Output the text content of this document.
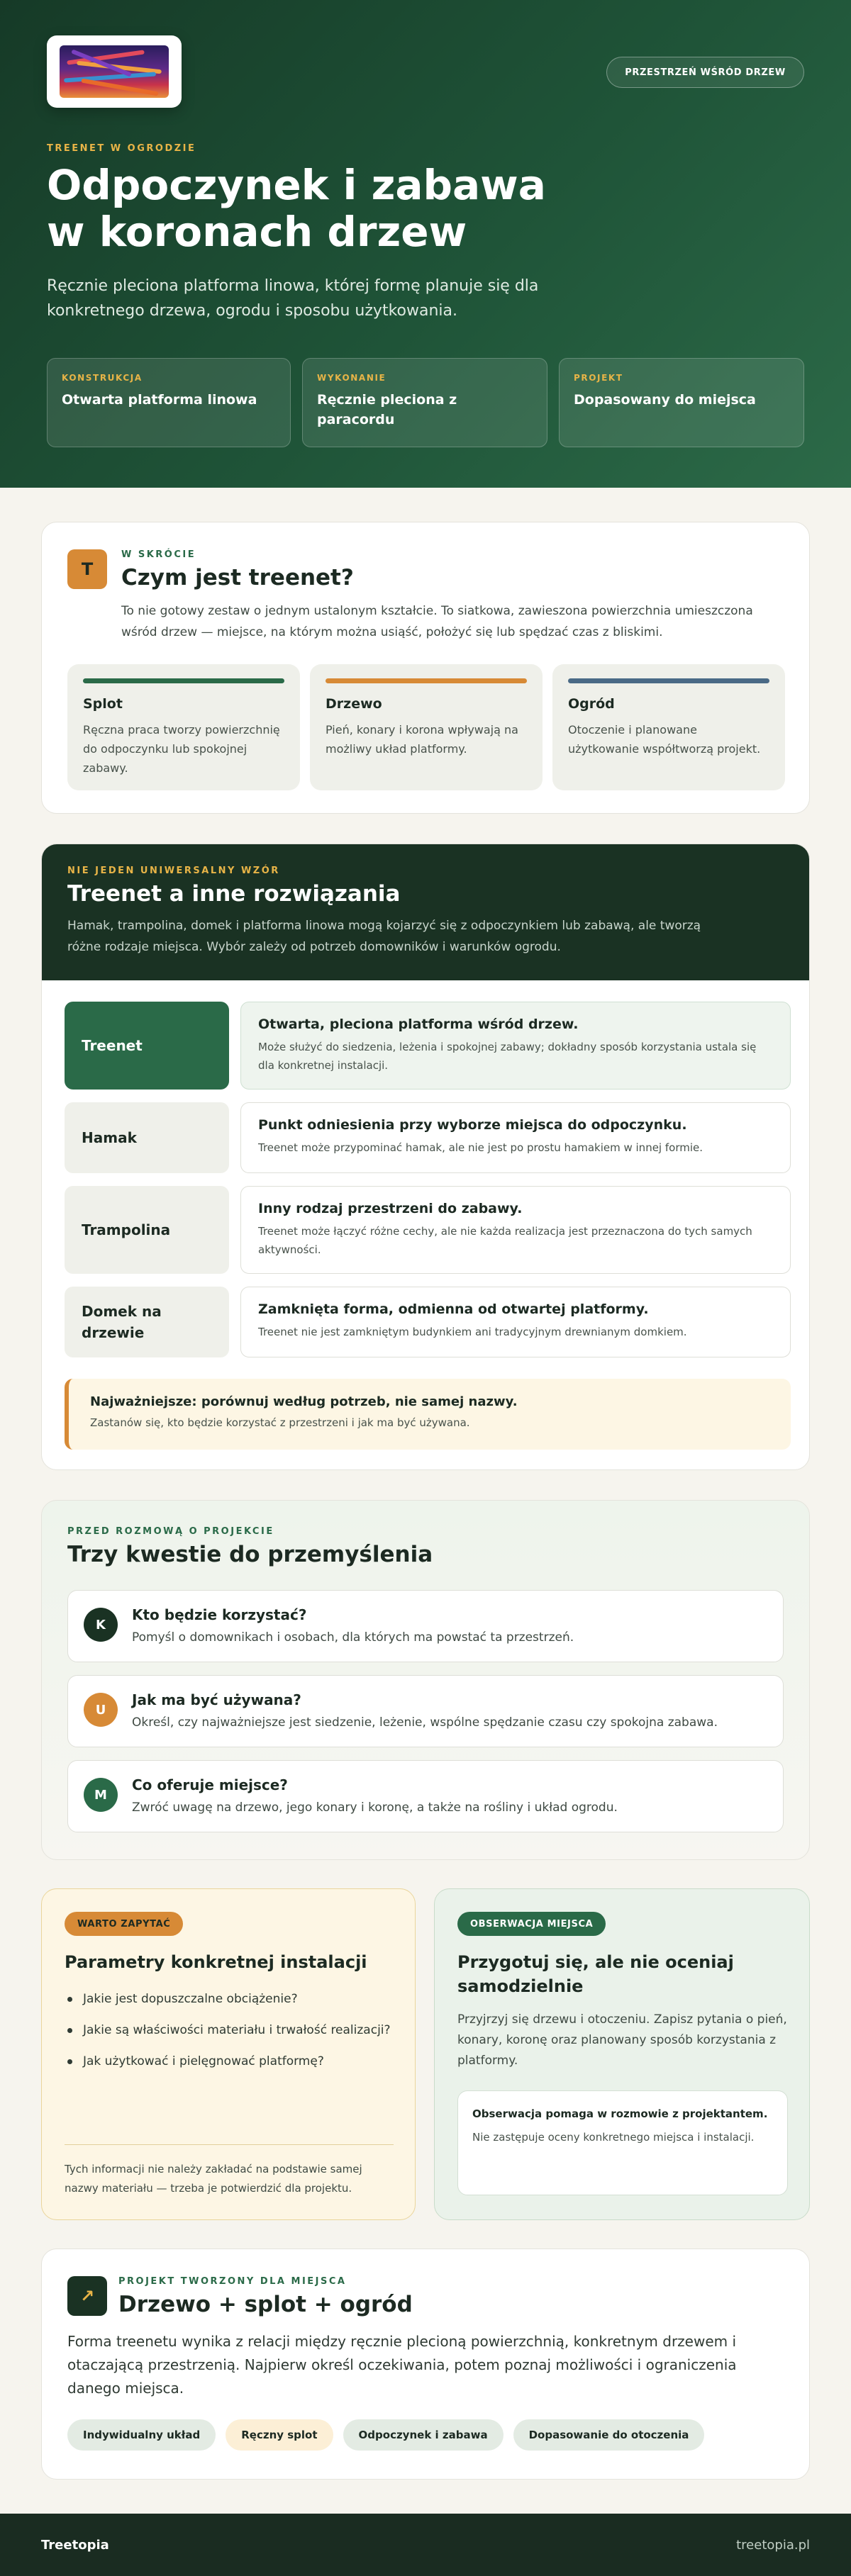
PRZESTRZEŃ WŚRÓD DRZEW
TREENET W OGRODZIE
Odpoczynek i zabawa
w koronach drzew

Ręcznie pleciona platforma linowa, której formę planuje się dla konkretnego drzewa, ogrodu i sposobu użytkowania.

KONSTRUKCJA
Otwarta platforma linowa
WYKONANIE
Ręcznie pleciona z paracordu
PROJEKT
Dopasowany do miejsca
T
W SKRÓCIE
Czym jest treenet?

To nie gotowy zestaw o jednym ustalonym kształcie. To siatkowa, zawieszona powierzchnia umieszczona wśród drzew — miejsce, na którym można usiąść, położyć się lub spędzać czas z bliskimi.

Splot
Ręczna praca tworzy powierzchnię do odpoczynku lub spokojnej zabawy.
Drzewo
Pień, konary i korona wpływają na możliwy układ platformy.
Ogród
Otoczenie i planowane użytkowanie współtworzą projekt.
NIE JEDEN UNIWERSALNY WZÓR
Treenet a inne rozwiązania

Hamak, trampolina, domek i platforma linowa mogą kojarzyć się z odpoczynkiem lub zabawą, ale tworzą różne rodzaje miejsca. Wybór zależy od potrzeb domowników i warunków ogrodu.

Treenet
Otwarta, pleciona platforma wśród drzew.
Może służyć do siedzenia, leżenia i spokojnej zabawy; dokładny sposób korzystania ustala się dla konkretnej instalacji.
Hamak
Punkt odniesienia przy wyborze miejsca do odpoczynku.
Treenet może przypominać hamak, ale nie jest po prostu hamakiem w innej formie.
Trampolina
Inny rodzaj przestrzeni do zabawy.
Treenet może łączyć różne cechy, ale nie każda realizacja jest przeznaczona do tych samych aktywności.
Domek na drzewie
Zamknięta forma, odmienna od otwartej platformy.
Treenet nie jest zamkniętym budynkiem ani tradycyjnym drewnianym domkiem.
Najważniejsze: porównuj według potrzeb, nie samej nazwy.
Zastanów się, kto będzie korzystać z przestrzeni i jak ma być używana.
PRZED ROZMOWĄ O PROJEKCIE
Trzy kwestie do przemyślenia
K
Kto będzie korzystać?
Pomyśl o domownikach i osobach, dla których ma powstać ta przestrzeń.
U
Jak ma być używana?
Określ, czy najważniejsze jest siedzenie, leżenie, wspólne spędzanie czasu czy spokojna zabawa.
M
Co oferuje miejsce?
Zwróć uwagę na drzewo, jego konary i koronę, a także na rośliny i układ ogrodu.
WARTO ZAPYTAĆ
Parametry konkretnej instalacji
Jakie jest dopuszczalne obciążenie?
Jakie są właściwości materiału i trwałość realizacji?
Jak użytkować i pielęgnować platformę?

Tych informacji nie należy zakładać na podstawie samej nazwy materiału — trzeba je potwierdzić dla projektu.

OBSERWACJA MIEJSCA
Przygotuj się, ale nie oceniaj samodzielnie

Przyjrzyj się drzewu i otoczeniu. Zapisz pytania o pień, konary, koronę oraz planowany sposób korzystania z platformy.

Obserwacja pomaga w rozmowie z projektantem.
Nie zastępuje oceny konkretnego miejsca i instalacji.
↗
PROJEKT TWORZONY DLA MIEJSCA
Drzewo + splot + ogród

Forma treenetu wynika z relacji między ręcznie plecioną powierzchnią, konkretnym drzewem i otaczającą przestrzenią. Najpierw określ oczekiwania, potem poznaj możliwości i ograniczenia danego miejsca.

Indywidualny układ	Ręczny splot	Odpoczynek i zabawa	Dopasowanie do otoczenia
Treetopia	treetopia.pl
